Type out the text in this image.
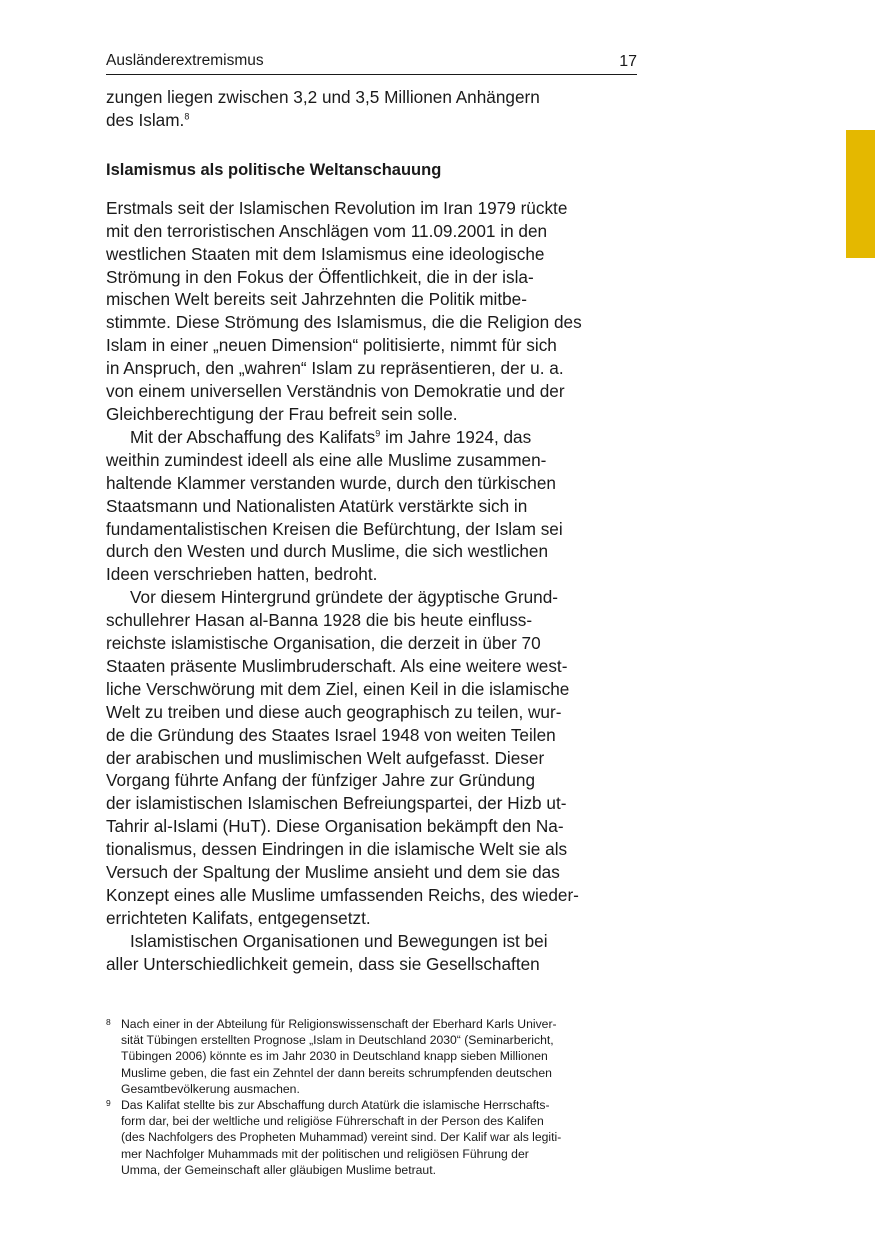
Ausländerextremismus	17

zungen liegen zwischen 3,2 und 3,5 Millionen Anhängern
des Islam.$^8$

Islamismus als politische Weltanschauung

Erstmals seit der Islamischen Revolution im Iran 1979 rückte
mit den terroristischen Anschlägen vom 11.09.2001 in den
westlichen Staaten mit dem Islamismus eine ideologische
Strömung in den Fokus der Öffentlichkeit, die in der isla-
mischen Welt bereits seit Jahrzehnten die Politik mitbe-
stimmte. Diese Strömung des Islamismus, die die Religion des
Islam in einer „neuen Dimension“ politisierte, nimmt für sich
in Anspruch, den „wahren“ Islam zu repräsentieren, der u. a.
von einem universellen Verständnis von Demokratie und der
Gleichberechtigung der Frau befreit sein solle.

Mit der Abschaffung des Kalifats$^9$ im Jahre 1924, das
weithin zumindest ideell als eine alle Muslime zusammen-
haltende Klammer verstanden wurde, durch den türkischen
Staatsmann und Nationalisten Atatürk verstärkte sich in
fundamentalistischen Kreisen die Befürchtung, der Islam sei
durch den Westen und durch Muslime, die sich westlichen
Ideen verschrieben hatten, bedroht.

Vor diesem Hintergrund gründete der ägyptische Grund-
schullehrer Hasan al-Banna 1928 die bis heute einfluss-
reichste islamistische Organisation, die derzeit in über 70
Staaten präsente Muslimbruderschaft. Als eine weitere west-
liche Verschwörung mit dem Ziel, einen Keil in die islamische
Welt zu treiben und diese auch geographisch zu teilen, wur-
de die Gründung des Staates Israel 1948 von weiten Teilen
der arabischen und muslimischen Welt aufgefasst. Dieser
Vorgang führte Anfang der fünfziger Jahre zur Gründung
der islamistischen Islamischen Befreiungspartei, der Hizb ut-
Tahrir al-Islami (HuT). Diese Organisation bekämpft den Na-
tionalismus, dessen Eindringen in die islamische Welt sie als
Versuch der Spaltung der Muslime ansieht und dem sie das
Konzept eines alle Muslime umfassenden Reichs, des wieder-
errichteten Kalifats, entgegensetzt.

Islamistischen Organisationen und Bewegungen ist bei
aller Unterschiedlichkeit gemein, dass sie Gesellschaften

8 Nach einer in der Abteilung für Religionswissenschaft der Eberhard Karls Univer-
sität Tübingen erstellten Prognose „Islam in Deutschland 2030“ (Seminarbericht,
Tübingen 2006) könnte es im Jahr 2030 in Deutschland knapp sieben Millionen
Muslime geben, die fast ein Zehntel der dann bereits schrumpfenden deutschen
Gesamtbevölkerung ausmachen.
9 Das Kalifat stellte bis zur Abschaffung durch Atatürk die islamische Herrschafts-
form dar, bei der weltliche und religiöse Führerschaft in der Person des Kalifen
(des Nachfolgers des Propheten Muhammad) vereint sind. Der Kalif war als legiti-
mer Nachfolger Muhammads mit der politischen und religiösen Führung der
Umma, der Gemeinschaft aller gläubigen Muslime betraut.
